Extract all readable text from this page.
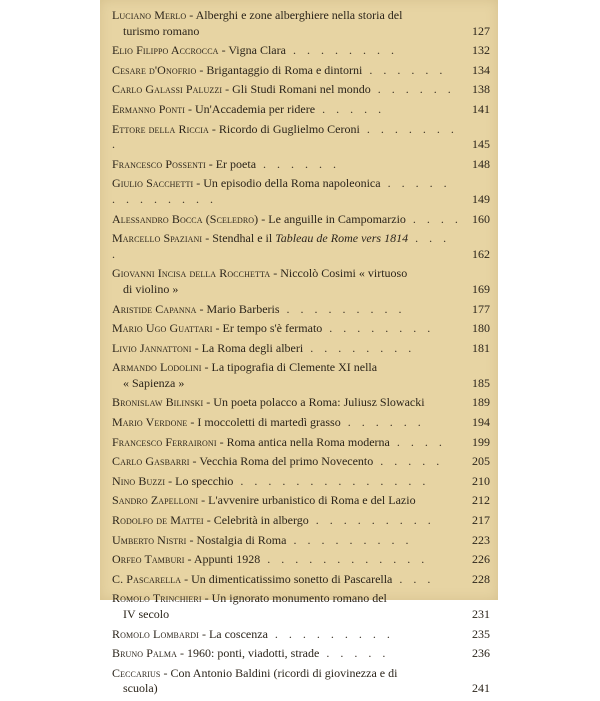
Luciano Merlo - Alberghi e zone alberghiere nella storia del
turismo romano	127
Elio Filippo Accrocca - Vigna Clara . . . . . . . .	132
Cesare d'Onofrio - Brigantaggio di Roma e dintorni . . . . . .	134
Carlo Galassi Paluzzi - Gli Studi Romani nel mondo . . . . . .	138
Ermanno Ponti - Un'Accademia per ridere . . . . .	141
Ettore della Riccia - Ricordo di Guglielmo Ceroni . . . . . . . .	145
Francesco Possenti - Er poeta . . . . . .	148
Giulio Sacchetti - Un episodio della Roma napoleonica . . . . . . . . . . . . .	149
Alessandro Bocca (Sceledro) - Le anguille in Campomarzio . . . . 160
Marcello Spaziani - Stendhal e il Tableau de Rome vers 1814 . . . .	162
Giovanni Incisa della Rocchetta - Niccolò Cosimi « virtuoso
di violino »	169
Aristide Capanna - Mario Barberis . . . . . . . . .	177
Mario Ugo Guattari - Er tempo s'è fermato . . . . . . . .	180
Livio Jannattoni - La Roma degli alberi . . . . . . . .	181
Armando Lodolini - La tipografia di Clemente XI nella
« Sapienza »	185
Bronislaw Bilinski - Un poeta polacco a Roma: Juliusz Slowacki	189
Mario Verdone - I moccoletti di martedì grasso . . . . . .	194
Francesco Ferraironi - Roma antica nella Roma moderna . . . .	199
Carlo Gasbarri - Vecchia Roma del primo Novecento . . . . .	205
Nino Buzzi - Lo specchio . . . . . . . . . . . . . .	210
Sandro Zapelloni - L'avvenire urbanistico di Roma e del Lazio	212
Rodolfo de Mattei - Celebrità in albergo . . . . . . . . .	217
Umberto Nistri - Nostalgia di Roma . . . . . . . . .	223
Orfeo Tamburi - Appunti 1928 . . . . . . . . . . . .	226
C. Pascarella - Un dimenticatissimo sonetto di Pascarella . . .	228
Romolo Trinchieri - Un ignorato monumento romano del
IV secolo	231
Romolo Lombardi - La coscenza . . . . . . . . .	235
Bruno Palma - 1960: ponti, viadotti, strade . . . . .	236
Ceccarius - Con Antonio Baldini (ricordi di giovinezza e di
scuola)	241
